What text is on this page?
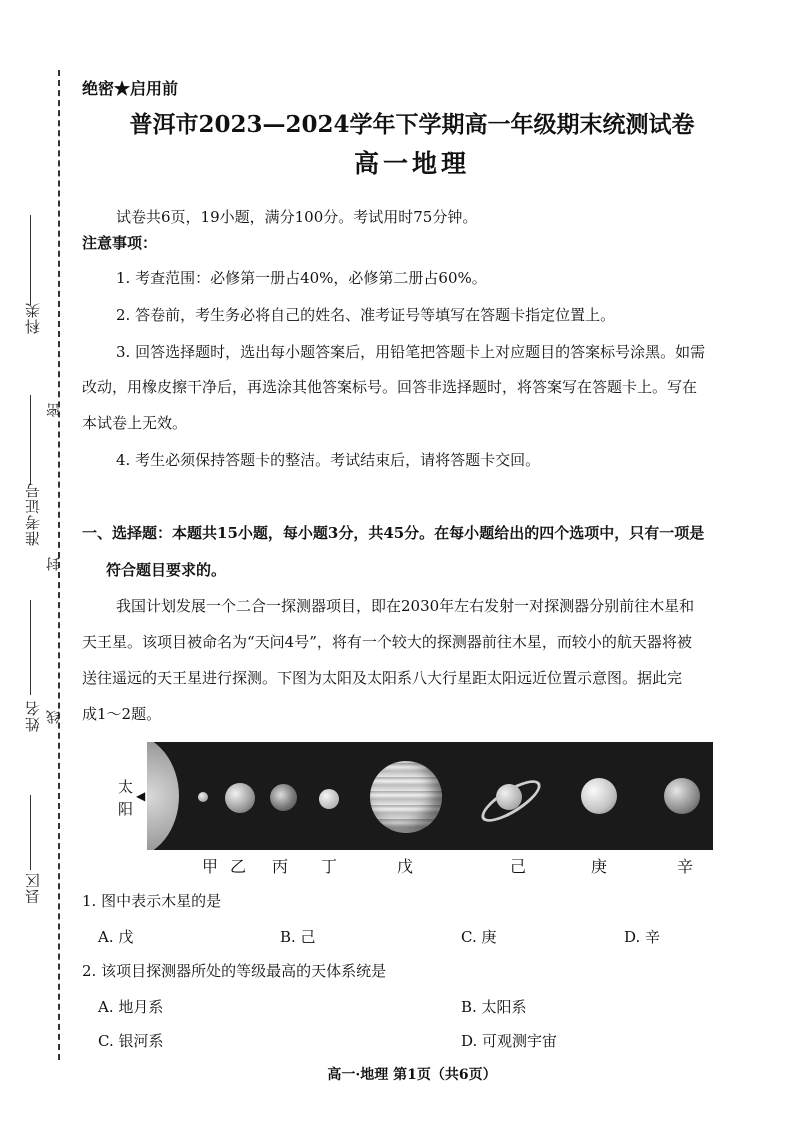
科类
准考证号
姓名
县区
密
封
线
绝密★启用前
普洱市2023—2024学年下学期高一年级期末统测试卷
高一地理
试卷共6页，19小题，满分100分。考试用时75分钟。
注意事项：
1. 考查范围：必修第一册占40%，必修第二册占60%。
2. 答卷前，考生务必将自己的姓名、准考证号等填写在答题卡指定位置上。
3. 回答选择题时，选出每小题答案后，用铅笔把答题卡上对应题目的答案标号涂黑。如需
改动，用橡皮擦干净后，再选涂其他答案标号。回答非选择题时，将答案写在答题卡上。写在
本试卷上无效。
4. 考生必须保持答题卡的整洁。考试结束后，请将答题卡交回。
一、选择题：本题共15小题，每小题3分，共45分。在每小题给出的四个选项中，只有一项是
符合题目要求的。
我国计划发展一个二合一探测器项目，即在2030年左右发射一对探测器分别前往木星和
天王星。该项目被命名为“天问4号”，将有一个较大的探测器前往木星，而较小的航天器将被
送往遥远的天王星进行探测。下图为太阳及太阳系八大行星距太阳远近位置示意图。据此完
成1～2题。
太
阳
◀
甲 乙 丙 丁	戊	己	庚	辛
1. 图中表示木星的是
A. 戊	B. 己	C. 庚	D. 辛
2. 该项目探测器所处的等级最高的天体系统是
A. 地月系	B. 太阳系
C. 银河系	D. 可观测宇宙
高一·地理 第1页（共6页）
